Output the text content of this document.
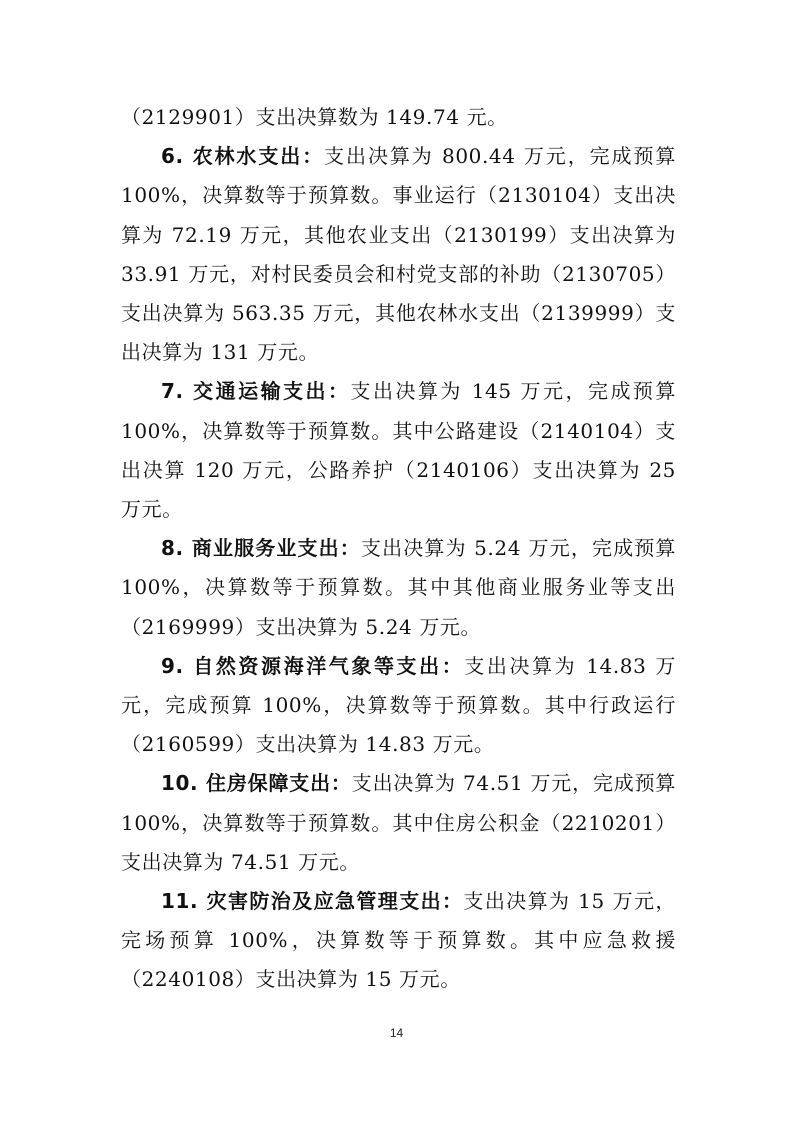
（2129901）支出决算数为 149.74 元。

6. 农林水支出：支出决算为 800.44 万元，完成预算 100%，决算数等于预算数。事业运行（2130104）支出决算为 72.19 万元，其他农业支出（2130199）支出决算为 33.91 万元，对村民委员会和村党支部的补助（2130705）支出决算为 563.35 万元，其他农林水支出（2139999）支出决算为 131 万元。

7. 交通运输支出：支出决算为 145 万元，完成预算 100%，决算数等于预算数。其中公路建设（2140104）支出决算 120 万元，公路养护（2140106）支出决算为 25 万元。

8. 商业服务业支出：支出决算为 5.24 万元，完成预算 100%，决算数等于预算数。其中其他商业服务业等支出（2169999）支出决算为 5.24 万元。

9. 自然资源海洋气象等支出：支出决算为 14.83 万元，完成预算 100%，决算数等于预算数。其中行政运行（2160599）支出决算为 14.83 万元。

10. 住房保障支出：支出决算为 74.51 万元，完成预算 100%，决算数等于预算数。其中住房公积金（2210201）支出决算为 74.51 万元。

11. 灾害防治及应急管理支出：支出决算为 15 万元，完场预算 100%，决算数等于预算数。其中应急救援（2240108）支出决算为 15 万元。

14
